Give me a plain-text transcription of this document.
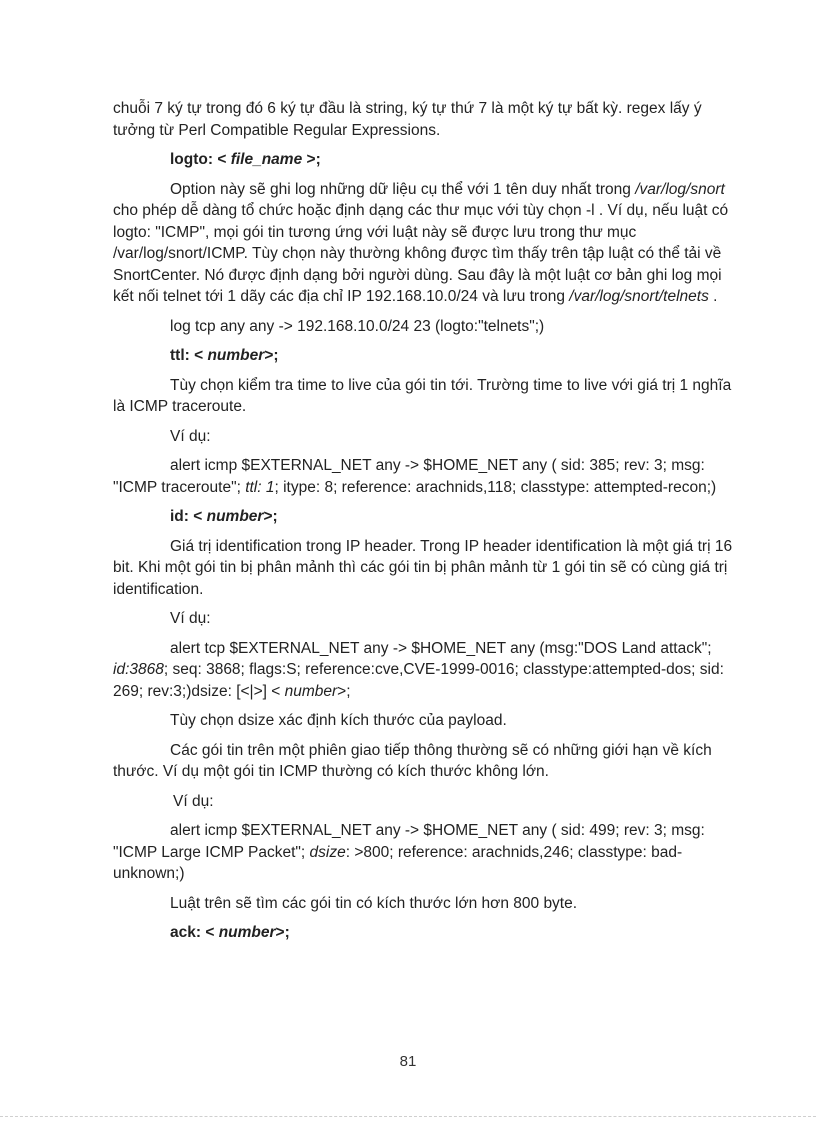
chuỗi 7 ký tự trong đó 6 ký tự đầu là string, ký tự thứ 7 là một ký tự bất kỳ. regex lấy ý tưởng từ Perl Compatible Regular Expressions.

logto: < file_name >;

Option này sẽ ghi log những dữ liệu cụ thể với 1 tên duy nhất trong /var/log/snort cho phép dễ dàng tổ chức hoặc định dạng các thư mục với tùy chọn -l . Ví dụ, nếu luật có logto: "ICMP", mọi gói tin tương ứng với luật này sẽ được lưu trong thư mục /var/log/snort/ICMP. Tùy chọn này thường không được tìm thấy trên tập luật có thể tải về SnortCenter. Nó được định dạng bởi người dùng. Sau đây là một luật cơ bản ghi log mọi kết nối telnet tới 1 dãy các địa chỉ IP 192.168.10.0/24 và lưu trong /var/log/snort/telnets .

log tcp any any -> 192.168.10.0/24 23 (logto:"telnets";)

ttl: < number>;

Tùy chọn kiểm tra time to live của gói tin tới. Trường time to live với giá trị 1 nghĩa là ICMP traceroute.

Ví dụ:

alert icmp $EXTERNAL_NET any -> $HOME_NET any ( sid: 385; rev: 3; msg: "ICMP traceroute"; ttl: 1; itype: 8; reference: arachnids,118; classtype: attempted-recon;)

id: < number>;

Giá trị identification trong IP header. Trong IP header identification là một giá trị 16 bit. Khi một gói tin bị phân mảnh thì các gói tin bị phân mảnh từ 1 gói tin sẽ có cùng giá trị identification.

Ví dụ:

alert tcp $EXTERNAL_NET any -> $HOME_NET any (msg:"DOS Land attack"; id:3868; seq: 3868; flags:S; reference:cve,CVE-1999-0016; classtype:attempted-dos; sid: 269; rev:3;)dsize: [<|>] < number>;

Tùy chọn dsize xác định kích thước của payload.

Các gói tin trên một phiên giao tiếp thông thường sẽ có những giới hạn về kích thước. Ví dụ một gói tin ICMP thường có kích thước không lớn.

Ví dụ:

alert icmp $EXTERNAL_NET any -> $HOME_NET any ( sid: 499; rev: 3; msg: "ICMP Large ICMP Packet"; dsize: >800; reference: arachnids,246; classtype: bad-unknown;)

Luật trên sẽ tìm các gói tin có kích thước lớn hơn 800 byte.

ack: < number>;

81
